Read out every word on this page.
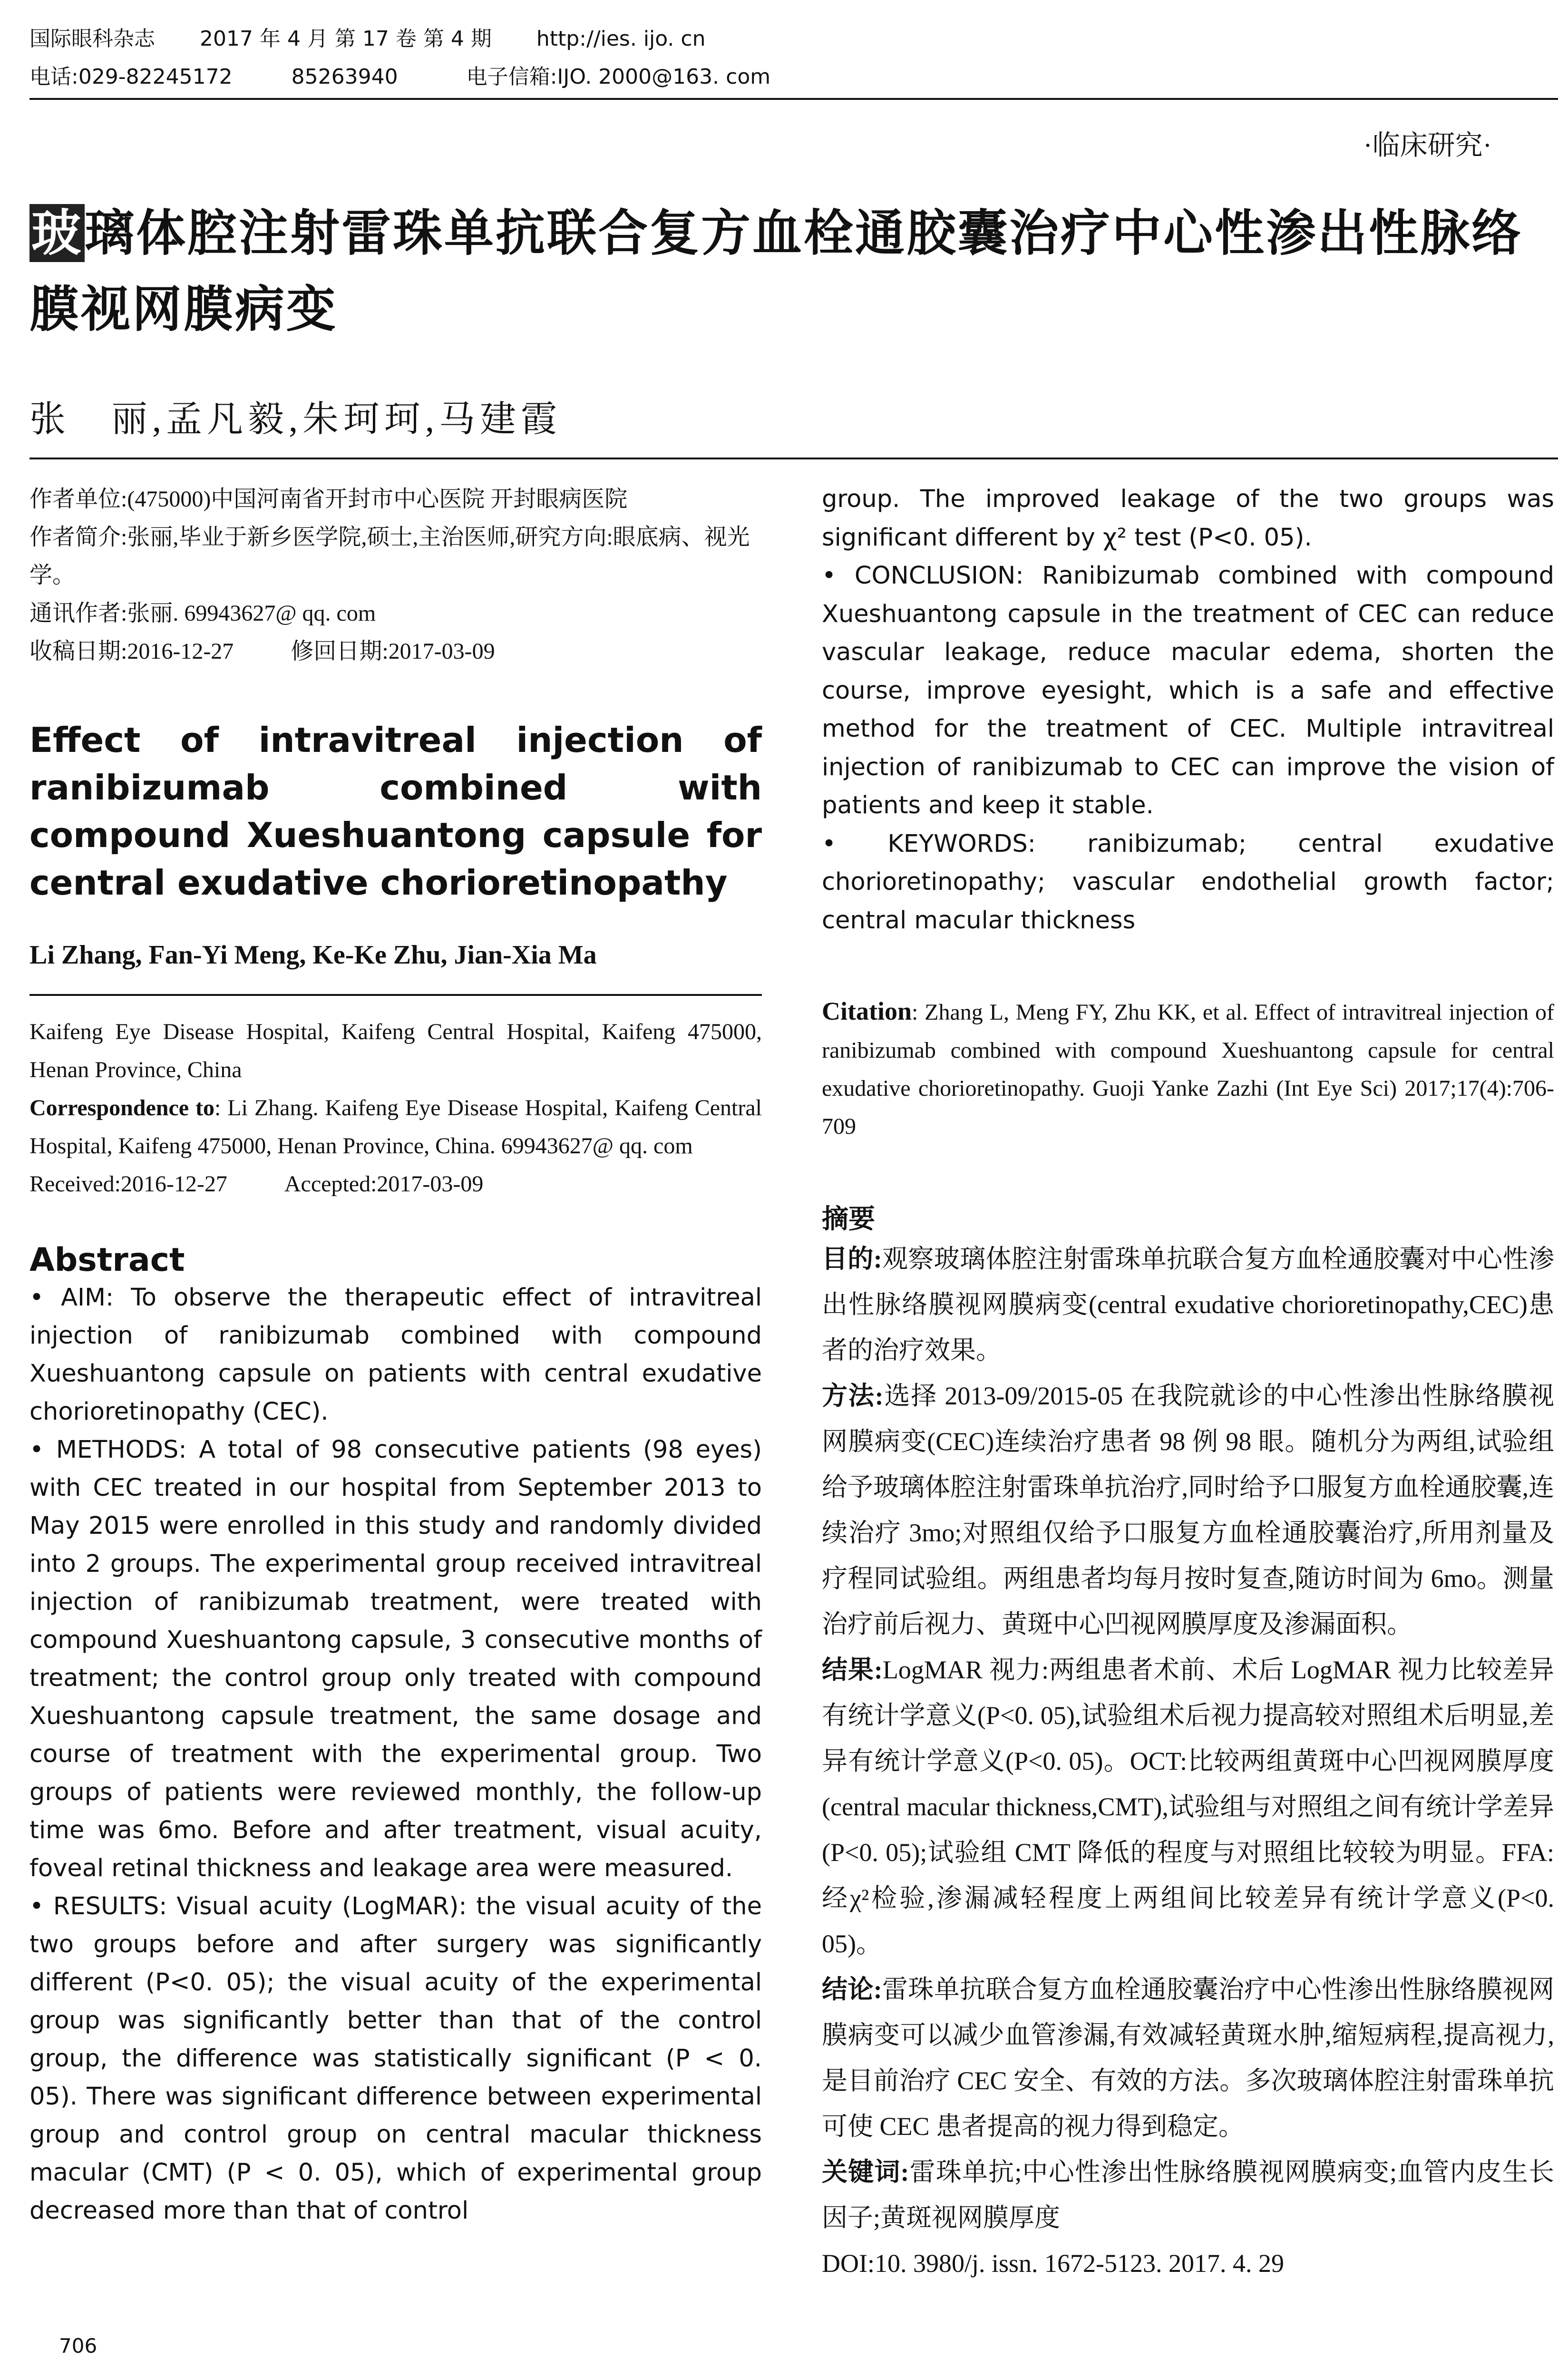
国际眼科杂志 2017 年 4 月 第 17 卷 第 4 期 http://ies. ijo. cn
电话:029-82245172	85263940	电子信箱:IJO. 2000@163. com
·临床研究·
玻璃体腔注射雷珠单抗联合复方血栓通胶囊治疗中心性渗出性脉络膜视网膜病变
张　丽,孟凡毅,朱珂珂,马建霞
作者单位:(475000)中国河南省开封市中心医院 开封眼病医院
作者简介:张丽,毕业于新乡医学院,硕士,主治医师,研究方向:眼底病、视光学。
通讯作者:张丽. 69943627@ qq. com
收稿日期:2016-12-27	修回日期:2017-03-09
Effect of intravitreal injection of ranibizumab combined with compound Xueshuantong capsule for central exudative chorioretinopathy
Li Zhang, Fan-Yi Meng, Ke-Ke Zhu, Jian-Xia Ma
Kaifeng Eye Disease Hospital, Kaifeng Central Hospital, Kaifeng 475000, Henan Province, China
Correspondence to: Li Zhang. Kaifeng Eye Disease Hospital, Kaifeng Central Hospital, Kaifeng 475000, Henan Province, China. 69943627@ qq. com
Received:2016-12-27	Accepted:2017-03-09
Abstract

• AIM: To observe the therapeutic effect of intravitreal injection of ranibizumab combined with compound Xueshuantong capsule on patients with central exudative chorioretinopathy (CEC).

• METHODS: A total of 98 consecutive patients (98 eyes) with CEC treated in our hospital from September 2013 to May 2015 were enrolled in this study and randomly divided into 2 groups. The experimental group received intravitreal injection of ranibizumab treatment, were treated with compound Xueshuantong capsule, 3 consecutive months of treatment; the control group only treated with compound Xueshuantong capsule treatment, the same dosage and course of treatment with the experimental group. Two groups of patients were reviewed monthly, the follow-up time was 6mo. Before and after treatment, visual acuity, foveal retinal thickness and leakage area were measured.

• RESULTS: Visual acuity (LogMAR): the visual acuity of the two groups before and after surgery was significantly different (P<0. 05); the visual acuity of the experimental group was significantly better than that of the control group, the difference was statistically significant (P < 0. 05). There was significant difference between experimental group and control group on central macular thickness macular (CMT) (P < 0. 05), which of experimental group decreased more than that of control

group. The improved leakage of the two groups was significant different by χ² test (P<0. 05).

• CONCLUSION: Ranibizumab combined with compound Xueshuantong capsule in the treatment of CEC can reduce vascular leakage, reduce macular edema, shorten the course, improve eyesight, which is a safe and effective method for the treatment of CEC. Multiple intravitreal injection of ranibizumab to CEC can improve the vision of patients and keep it stable.

• KEYWORDS: ranibizumab; central exudative chorioretinopathy; vascular endothelial growth factor; central macular thickness

Citation: Zhang L, Meng FY, Zhu KK, et al. Effect of intravitreal injection of ranibizumab combined with compound Xueshuantong capsule for central exudative chorioretinopathy. Guoji Yanke Zazhi (Int Eye Sci) 2017;17(4):706-709
摘要

目的:观察玻璃体腔注射雷珠单抗联合复方血栓通胶囊对中心性渗出性脉络膜视网膜病变(central exudative chorioretinopathy,CEC)患者的治疗效果。

方法:选择 2013-09/2015-05 在我院就诊的中心性渗出性脉络膜视网膜病变(CEC)连续治疗患者 98 例 98 眼。随机分为两组,试验组给予玻璃体腔注射雷珠单抗治疗,同时给予口服复方血栓通胶囊,连续治疗 3mo;对照组仅给予口服复方血栓通胶囊治疗,所用剂量及疗程同试验组。两组患者均每月按时复查,随访时间为 6mo。测量治疗前后视力、黄斑中心凹视网膜厚度及渗漏面积。

结果:LogMAR 视力:两组患者术前、术后 LogMAR 视力比较差异有统计学意义(P<0. 05),试验组术后视力提高较对照组术后明显,差异有统计学意义(P<0. 05)。OCT:比较两组黄斑中心凹视网膜厚度(central macular thickness,CMT),试验组与对照组之间有统计学差异(P<0. 05);试验组 CMT 降低的程度与对照组比较较为明显。FFA:经χ²检验,渗漏减轻程度上两组间比较差异有统计学意义(P<0. 05)。

结论:雷珠单抗联合复方血栓通胶囊治疗中心性渗出性脉络膜视网膜病变可以减少血管渗漏,有效减轻黄斑水肿,缩短病程,提高视力,是目前治疗 CEC 安全、有效的方法。多次玻璃体腔注射雷珠单抗可使 CEC 患者提高的视力得到稳定。

关键词:雷珠单抗;中心性渗出性脉络膜视网膜病变;血管内皮生长因子;黄斑视网膜厚度

DOI:10. 3980/j. issn. 1672-5123. 2017. 4. 29

706
